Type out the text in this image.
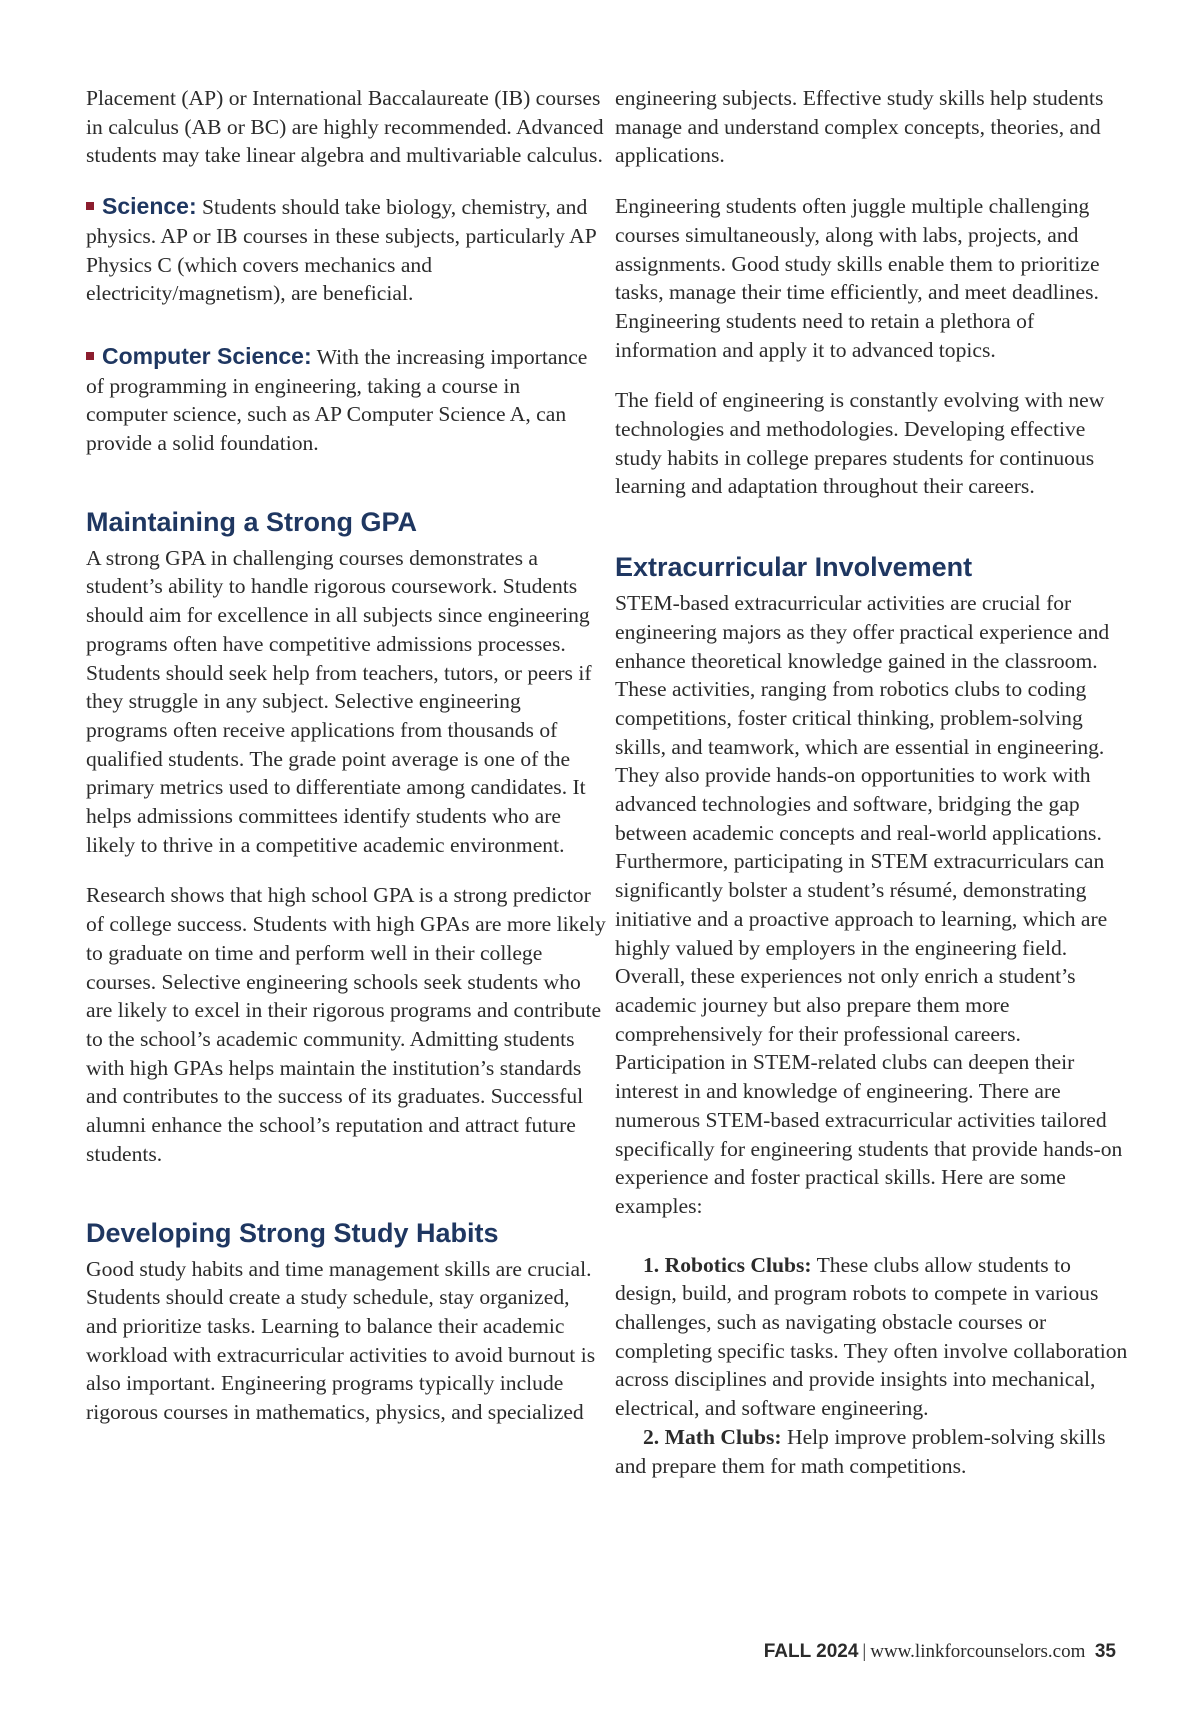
Placement (AP) or International Baccalaureate (IB) courses in calculus (AB or BC) are highly recommended. Advanced students may take linear algebra and multivariable calculus.

Science: Students should take biology, chemistry, and physics. AP or IB courses in these subjects, particularly AP Physics C (which covers mechanics and electricity/magnetism), are beneficial.

Computer Science: With the increasing importance of programming in engineering, taking a course in computer science, such as AP Computer Science A, can provide a solid foundation.

Maintaining a Strong GPA

A strong GPA in challenging courses demonstrates a student’s ability to handle rigorous coursework. Students should aim for excellence in all subjects since engineering programs often have competitive admissions processes. Students should seek help from teachers, tutors, or peers if they struggle in any subject. Selective engineering programs often receive applications from thousands of qualified students. The grade point average is one of the primary metrics used to differentiate among candidates. It helps admissions committees identify students who are likely to thrive in a competitive academic environment.

Research shows that high school GPA is a strong predictor of college success. Students with high GPAs are more likely to graduate on time and perform well in their college courses. Selective engineering schools seek students who are likely to excel in their rigorous programs and contribute to the school’s academic community. Admitting students with high GPAs helps maintain the institution’s standards and contributes to the success of its graduates. Successful alumni enhance the school’s reputation and attract future students.

Developing Strong Study Habits

Good study habits and time management skills are crucial. Students should create a study schedule, stay organized, and prioritize tasks. Learning to balance their academic workload with extracurricular activities to avoid burnout is also important. Engineering programs typically include rigorous courses in mathematics, physics, and specialized

engineering subjects. Effective study skills help students manage and understand complex concepts, theories, and applications.

Engineering students often juggle multiple challenging courses simultaneously, along with labs, projects, and assignments. Good study skills enable them to prioritize tasks, manage their time efficiently, and meet deadlines. Engineering students need to retain a plethora of information and apply it to advanced topics.

The field of engineering is constantly evolving with new technologies and methodologies. Developing effective study habits in college prepares students for continuous learning and adaptation throughout their careers.

Extracurricular Involvement

STEM-based extracurricular activities are crucial for engineering majors as they offer practical experience and enhance theoretical knowledge gained in the classroom. These activities, ranging from robotics clubs to coding competitions, foster critical thinking, problem-solving skills, and teamwork, which are essential in engineering. They also provide hands-on opportunities to work with advanced technologies and software, bridging the gap between academic concepts and real-world applications. Furthermore, participating in STEM extracurriculars can significantly bolster a student’s résumé, demonstrating initiative and a proactive approach to learning, which are highly valued by employers in the engineering field. Overall, these experiences not only enrich a student’s academic journey but also prepare them more comprehensively for their professional careers. Participation in STEM-related clubs can deepen their interest in and knowledge of engineering. There are numerous STEM-based extracurricular activities tailored specifically for engineering students that provide hands-on experience and foster practical skills. Here are some examples:

1. Robotics Clubs: These clubs allow students to design, build, and program robots to compete in various challenges, such as navigating obstacle courses or completing specific tasks. They often involve collaboration across disciplines and provide insights into mechanical, electrical, and software engineering.
2. Math Clubs: Help improve problem-solving skills and prepare them for math competitions.
FALL 2024 | www.linkforcounselors.com 35
